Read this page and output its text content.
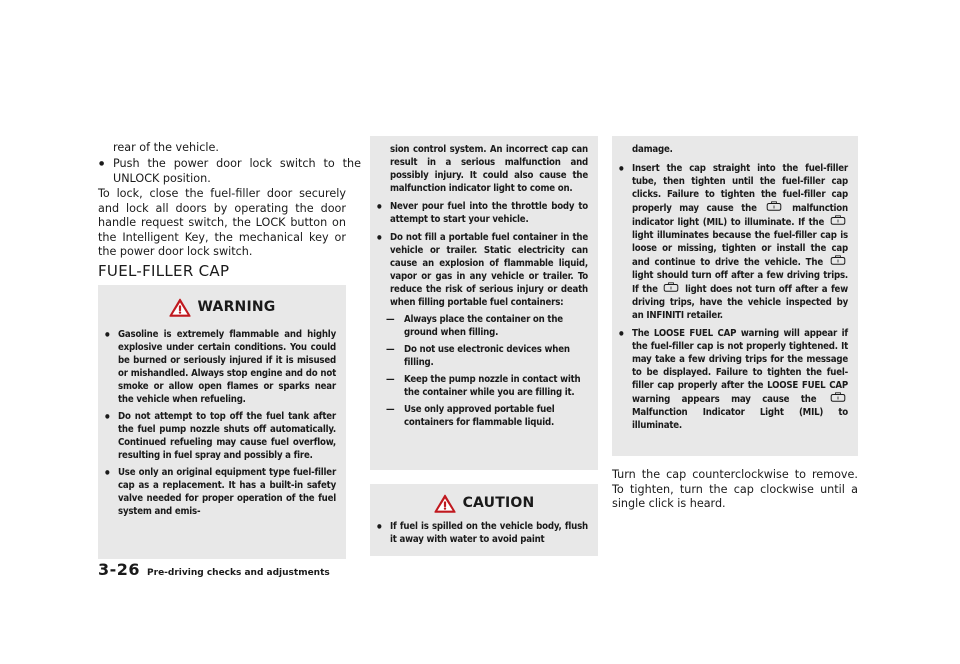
rear of the vehicle.

● Push the power door lock switch to the UNLOCK position.

To lock, close the fuel-filler door securely and lock all doors by operating the door handle request switch, the LOCK button on the Intelligent Key, the mechanical key or the power door lock switch.

FUEL-FILLER CAP
WARNING
● Gasoline is extremely flammable and highly explosive under certain conditions. You could be burned or seriously injured if it is misused or mishandled. Always stop engine and do not smoke or allow open flames or sparks near the vehicle when refueling.
● Do not attempt to top off the fuel tank after the fuel pump nozzle shuts off automatically. Continued refueling may cause fuel overflow, resulting in fuel spray and possibly a fire.
● Use only an original equipment type fuel-filler cap as a replacement. It has a built-in safety valve needed for proper operation of the fuel system and emis-

sion control system. An incorrect cap can result in a serious malfunction and possibly injury. It could also cause the malfunction indicator light to come on.

● Never pour fuel into the throttle body to attempt to start your vehicle.
● Do not fill a portable fuel container in the vehicle or trailer. Static electricity can cause an explosion of flammable liquid, vapor or gas in any vehicle or trailer. To reduce the risk of serious injury or death when filling portable fuel containers:
— Always place the container on the ground when filling.
— Do not use electronic devices when filling.
— Keep the pump nozzle in contact with the container while you are filling it.
— Use only approved portable fuel containers for flammable liquid.
CAUTION
● If fuel is spilled on the vehicle body, flush it away with water to avoid paint

damage.

● Insert the cap straight into the fuel-filler tube, then tighten until the fuel-filler cap clicks. Failure to tighten the fuel-filler cap properly may cause the	malfunction indicator light (MIL) to illuminate. If the  light illuminates because the fuel-filler cap is loose or missing, tighten or install the cap and continue to drive the vehicle. The  light should turn off after a few driving trips. If the	light does not turn off after a few driving trips, have the vehicle inspected by an INFINITI retailer.
● The LOOSE FUEL CAP warning will appear if the fuel-filler cap is not properly tightened. It may take a few driving trips for the message to be displayed. Failure to tighten the fuel-filler cap properly after the LOOSE FUEL CAP warning appears may cause the  Malfunction Indicator Light (MIL) to illuminate.

Turn the cap counterclockwise to remove. To tighten, turn the cap clockwise until a single click is heard.

3-26 Pre-driving checks and adjustments
